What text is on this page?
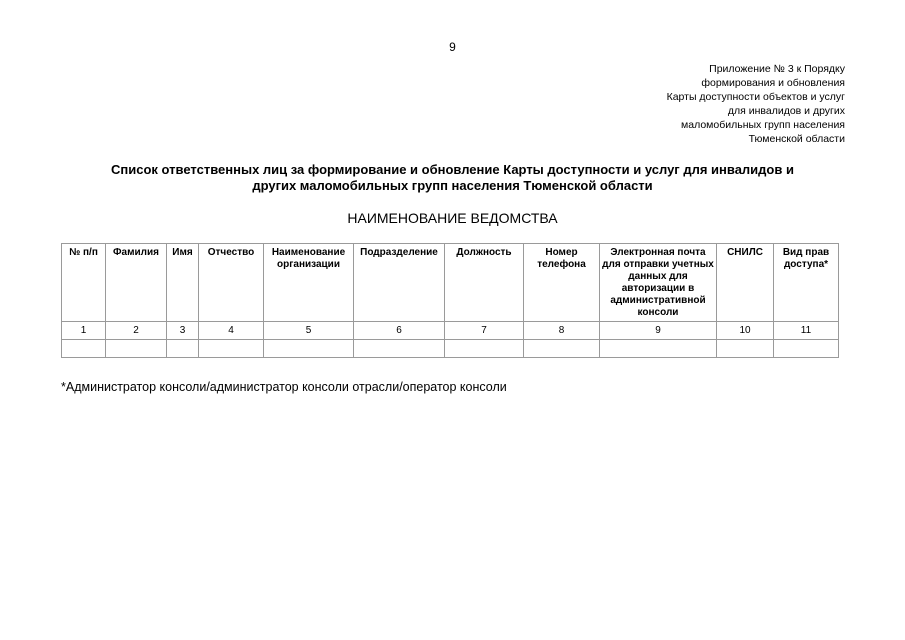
9
Приложение № 3 к Порядку
формирования и обновления
Карты доступности объектов и услуг
для инвалидов и других
маломобильных групп населения
Тюменской области
Список ответственных лиц за формирование и обновление Карты доступности и услуг для инвалидов и
других маломобильных групп населения Тюменской области
НАИМЕНОВАНИЕ ВЕДОМСТВА
№ п/п	Фамилия	Имя	Отчество	Наименование организации	Подразделение	Должность	Номер телефона	Электронная почта для отправки учетных данных для авторизации в административной консоли	СНИЛС	Вид прав доступа*
1	2	3	4	5	6	7	8	9	10	11

*Администратор консоли/администратор консоли отрасли/оператор консоли
